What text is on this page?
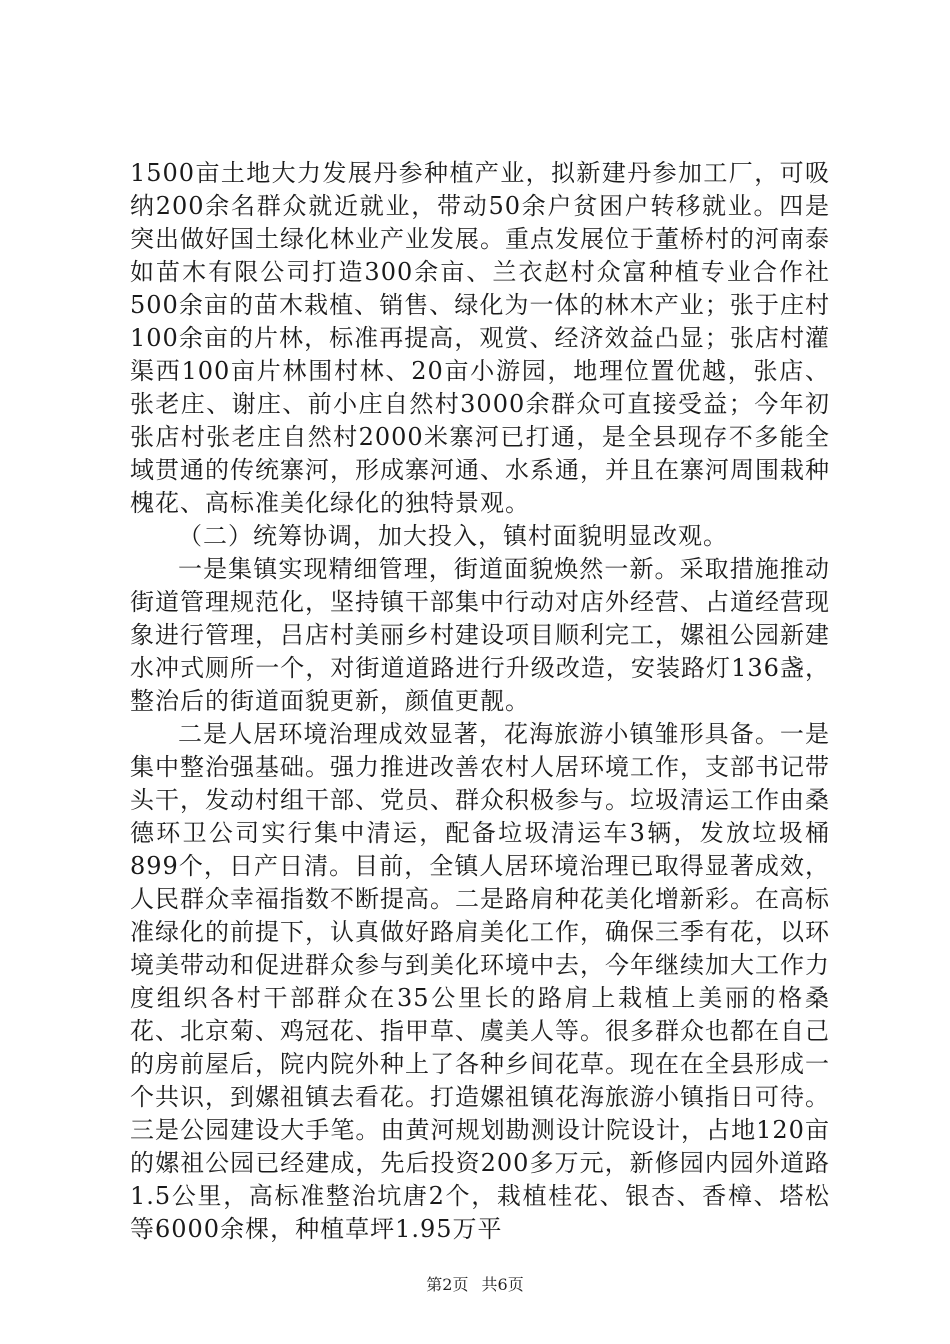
1500亩土地大力发展丹参种植产业，拟新建丹参加工厂，可吸纳200余名群众就近就业，带动50余户贫困户转移就业。四是突出做好国土绿化林业产业发展。重点发展位于董桥村的河南泰如苗木有限公司打造300余亩、兰衣赵村众富种植专业合作社500余亩的苗木栽植、销售、绿化为一体的林木产业；张于庄村100余亩的片林，标准再提高，观赏、经济效益凸显；张店村灌渠西100亩片林围村林、20亩小游园，地理位置优越，张店、张老庄、谢庄、前小庄自然村3000余群众可直接受益；今年初张店村张老庄自然村2000米寨河已打通，是全县现存不多能全域贯通的传统寨河，形成寨河通、水系通，并且在寨河周围栽种槐花、高标准美化绿化的独特景观。

（二）统筹协调，加大投入，镇村面貌明显改观。

一是集镇实现精细管理，街道面貌焕然一新。采取措施推动街道管理规范化，坚持镇干部集中行动对店外经营、占道经营现象进行管理，吕店村美丽乡村建设项目顺利完工，嫘祖公园新建水冲式厕所一个，对街道道路进行升级改造，安装路灯136盏，整治后的街道面貌更新，颜值更靓。

二是人居环境治理成效显著，花海旅游小镇雏形具备。一是集中整治强基础。强力推进改善农村人居环境工作，支部书记带头干，发动村组干部、党员、群众积极参与。垃圾清运工作由桑德环卫公司实行集中清运，配备垃圾清运车3辆，发放垃圾桶899个，日产日清。目前，全镇人居环境治理已取得显著成效，人民群众幸福指数不断提高。二是路肩种花美化增新彩。在高标准绿化的前提下，认真做好路肩美化工作，确保三季有花，以环境美带动和促进群众参与到美化环境中去，今年继续加大工作力度组织各村干部群众在35公里长的路肩上栽植上美丽的格桑花、北京菊、鸡冠花、指甲草、虞美人等。很多群众也都在自己的房前屋后，院内院外种上了各种乡间花草。现在在全县形成一个共识，到嫘祖镇去看花。打造嫘祖镇花海旅游小镇指日可待。三是公园建设大手笔。由黄河规划勘测设计院设计，占地120亩的嫘祖公园已经建成，先后投资200多万元，新修园内园外道路1.5公里，高标准整治坑唐2个，栽植桂花、银杏、香樟、塔松等6000余棵，种植草坪1.95万平

第2页 共6页
